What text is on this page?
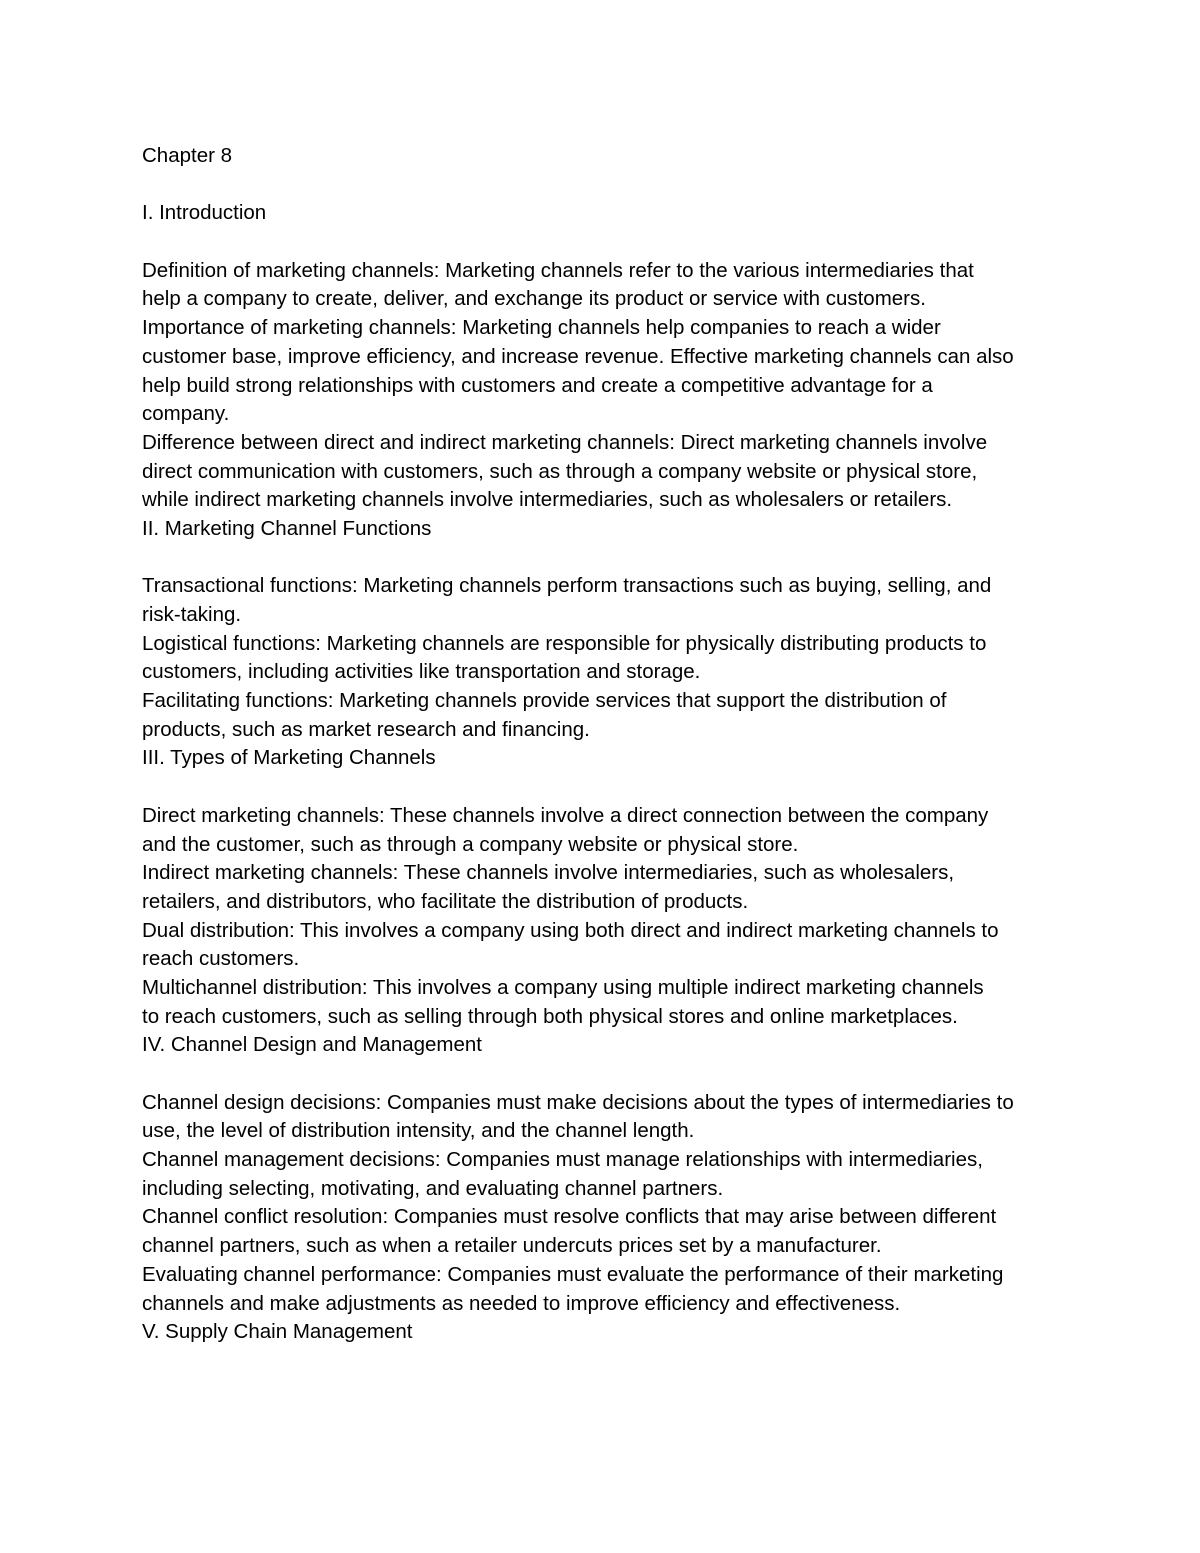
Chapter 8

I. Introduction

Definition of marketing channels: Marketing channels refer to the various intermediaries that
help a company to create, deliver, and exchange its product or service with customers.

Importance of marketing channels: Marketing channels help companies to reach a wider
customer base, improve efficiency, and increase revenue. Effective marketing channels can also
help build strong relationships with customers and create a competitive advantage for a
company.

Difference between direct and indirect marketing channels: Direct marketing channels involve
direct communication with customers, such as through a company website or physical store,
while indirect marketing channels involve intermediaries, such as wholesalers or retailers.

II. Marketing Channel Functions

Transactional functions: Marketing channels perform transactions such as buying, selling, and
risk-taking.

Logistical functions: Marketing channels are responsible for physically distributing products to
customers, including activities like transportation and storage.

Facilitating functions: Marketing channels provide services that support the distribution of
products, such as market research and financing.

III. Types of Marketing Channels

Direct marketing channels: These channels involve a direct connection between the company
and the customer, such as through a company website or physical store.

Indirect marketing channels: These channels involve intermediaries, such as wholesalers,
retailers, and distributors, who facilitate the distribution of products.

Dual distribution: This involves a company using both direct and indirect marketing channels to
reach customers.

Multichannel distribution: This involves a company using multiple indirect marketing channels
to reach customers, such as selling through both physical stores and online marketplaces.

IV. Channel Design and Management

Channel design decisions: Companies must make decisions about the types of intermediaries to
use, the level of distribution intensity, and the channel length.

Channel management decisions: Companies must manage relationships with intermediaries,
including selecting, motivating, and evaluating channel partners.

Channel conflict resolution: Companies must resolve conflicts that may arise between different
channel partners, such as when a retailer undercuts prices set by a manufacturer.

Evaluating channel performance: Companies must evaluate the performance of their marketing
channels and make adjustments as needed to improve efficiency and effectiveness.

V. Supply Chain Management
